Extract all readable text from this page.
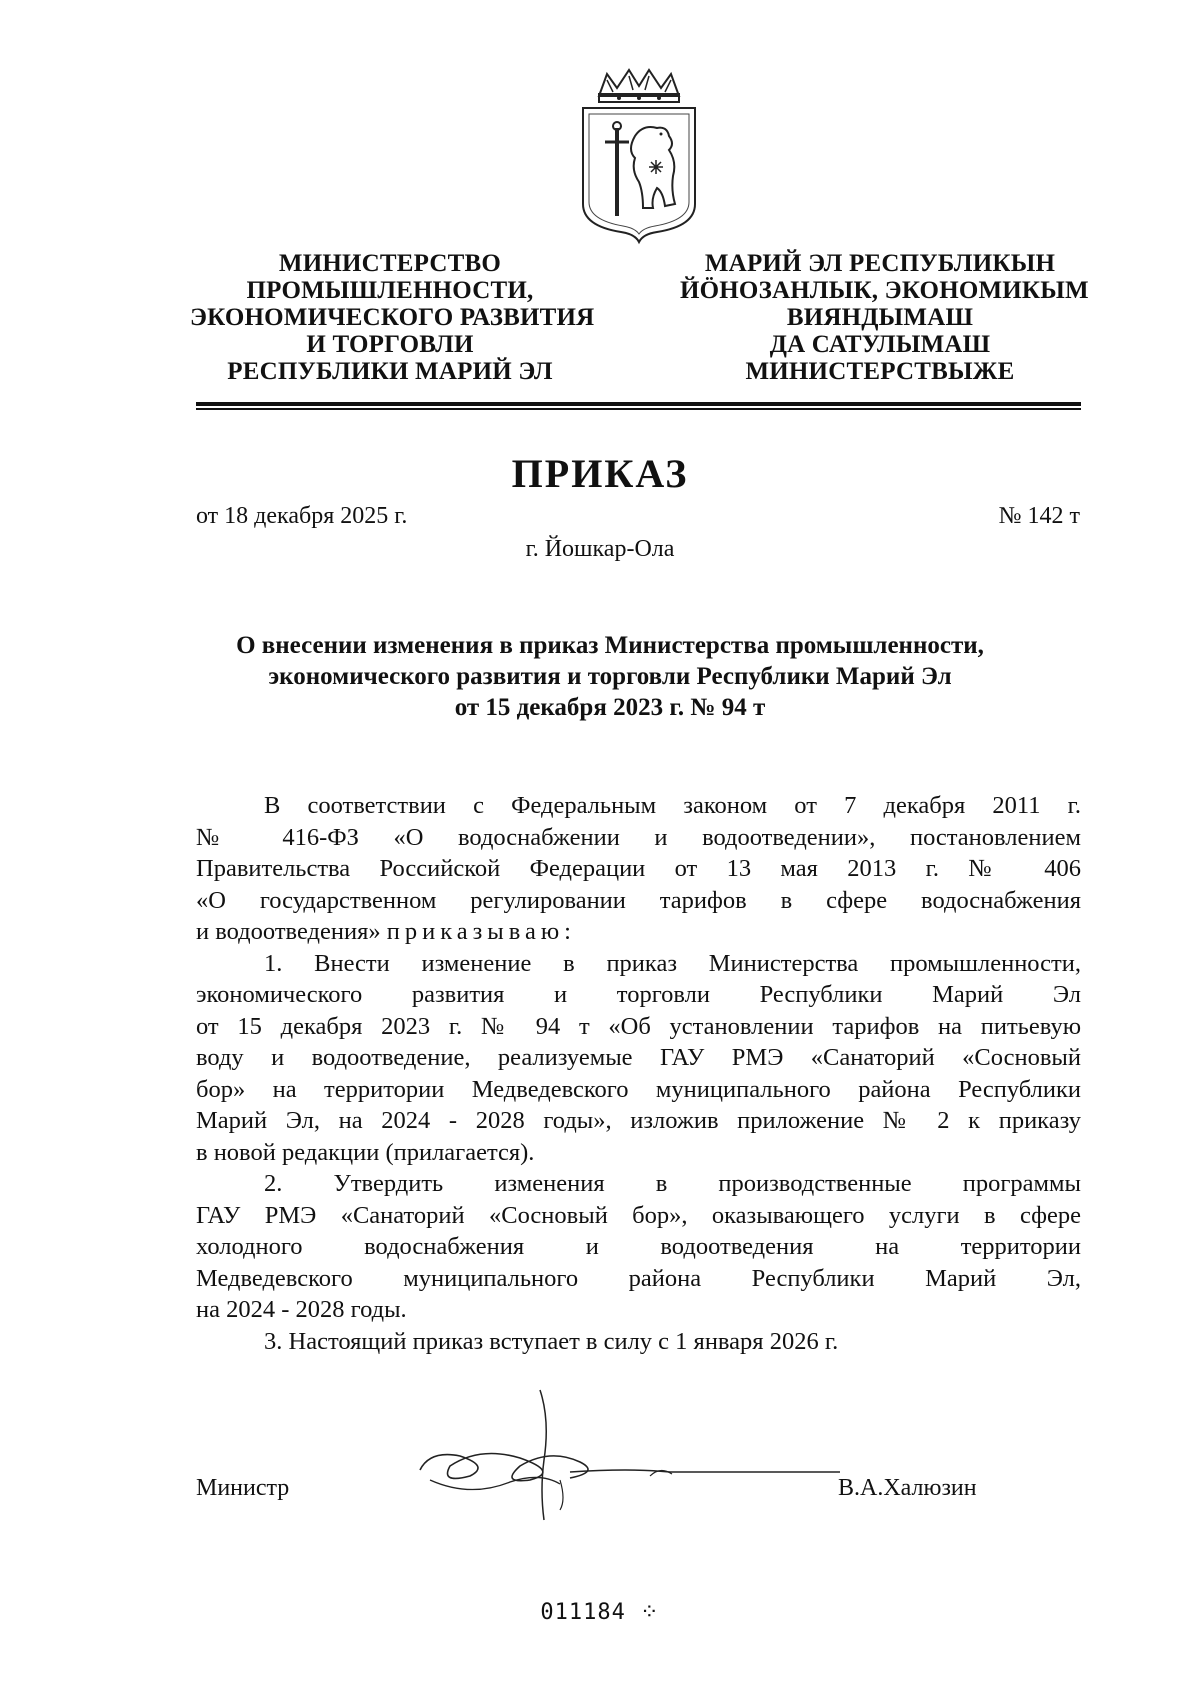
МИНИСТЕРСТВО
ПРОМЫШЛЕННОСТИ,
ЭКОНОМИЧЕСКОГО РАЗВИТИЯ
И ТОРГОВЛИ
РЕСПУБЛИКИ МАРИЙ ЭЛ
МАРИЙ ЭЛ РЕСПУБЛИКЫН
ЙӦНОЗАНЛЫК, ЭКОНОМИКЫМ
ВИЯНДЫМАШ
ДА САТУЛЫМАШ
МИНИСТЕРСТВЫЖЕ
ПРИКАЗ
от 18 декабря 2025 г.	№ 142 т
г. Йошкар-Ола
О внесении изменения в приказ Министерства промышленности,
экономического развития и торговли Республики Марий Эл
от 15 декабря 2023 г. № 94 т
В соответствии с Федеральным законом от 7 декабря 2011 г.
№ 416-ФЗ «О водоснабжении и водоотведении», постановлением
Правительства Российской Федерации от 13 мая 2013 г. № 406
«О государственном регулировании тарифов в сфере водоснабжения
и водоотведения» приказываю:
1. Внести изменение в приказ Министерства промышленности,
экономического развития и торговли Республики Марий Эл
от 15 декабря 2023 г. № 94 т «Об установлении тарифов на питьевую
воду и водоотведение, реализуемые ГАУ РМЭ «Санаторий «Сосновый
бор» на территории Медведевского муниципального района Республики
Марий Эл, на 2024 - 2028 годы», изложив приложение № 2 к приказу
в новой редакции (прилагается).
2. Утвердить изменения в производственные программы
ГАУ РМЭ «Санаторий «Сосновый бор», оказывающего услуги в сфере
холодного водоснабжения и водоотведения на территории
Медведевского муниципального района Республики Марий Эл,
на 2024 - 2028 годы.
3. Настоящий приказ вступает в силу с 1 января 2026 г.
Министр	В.А.Халюзин
011184 ⁘
